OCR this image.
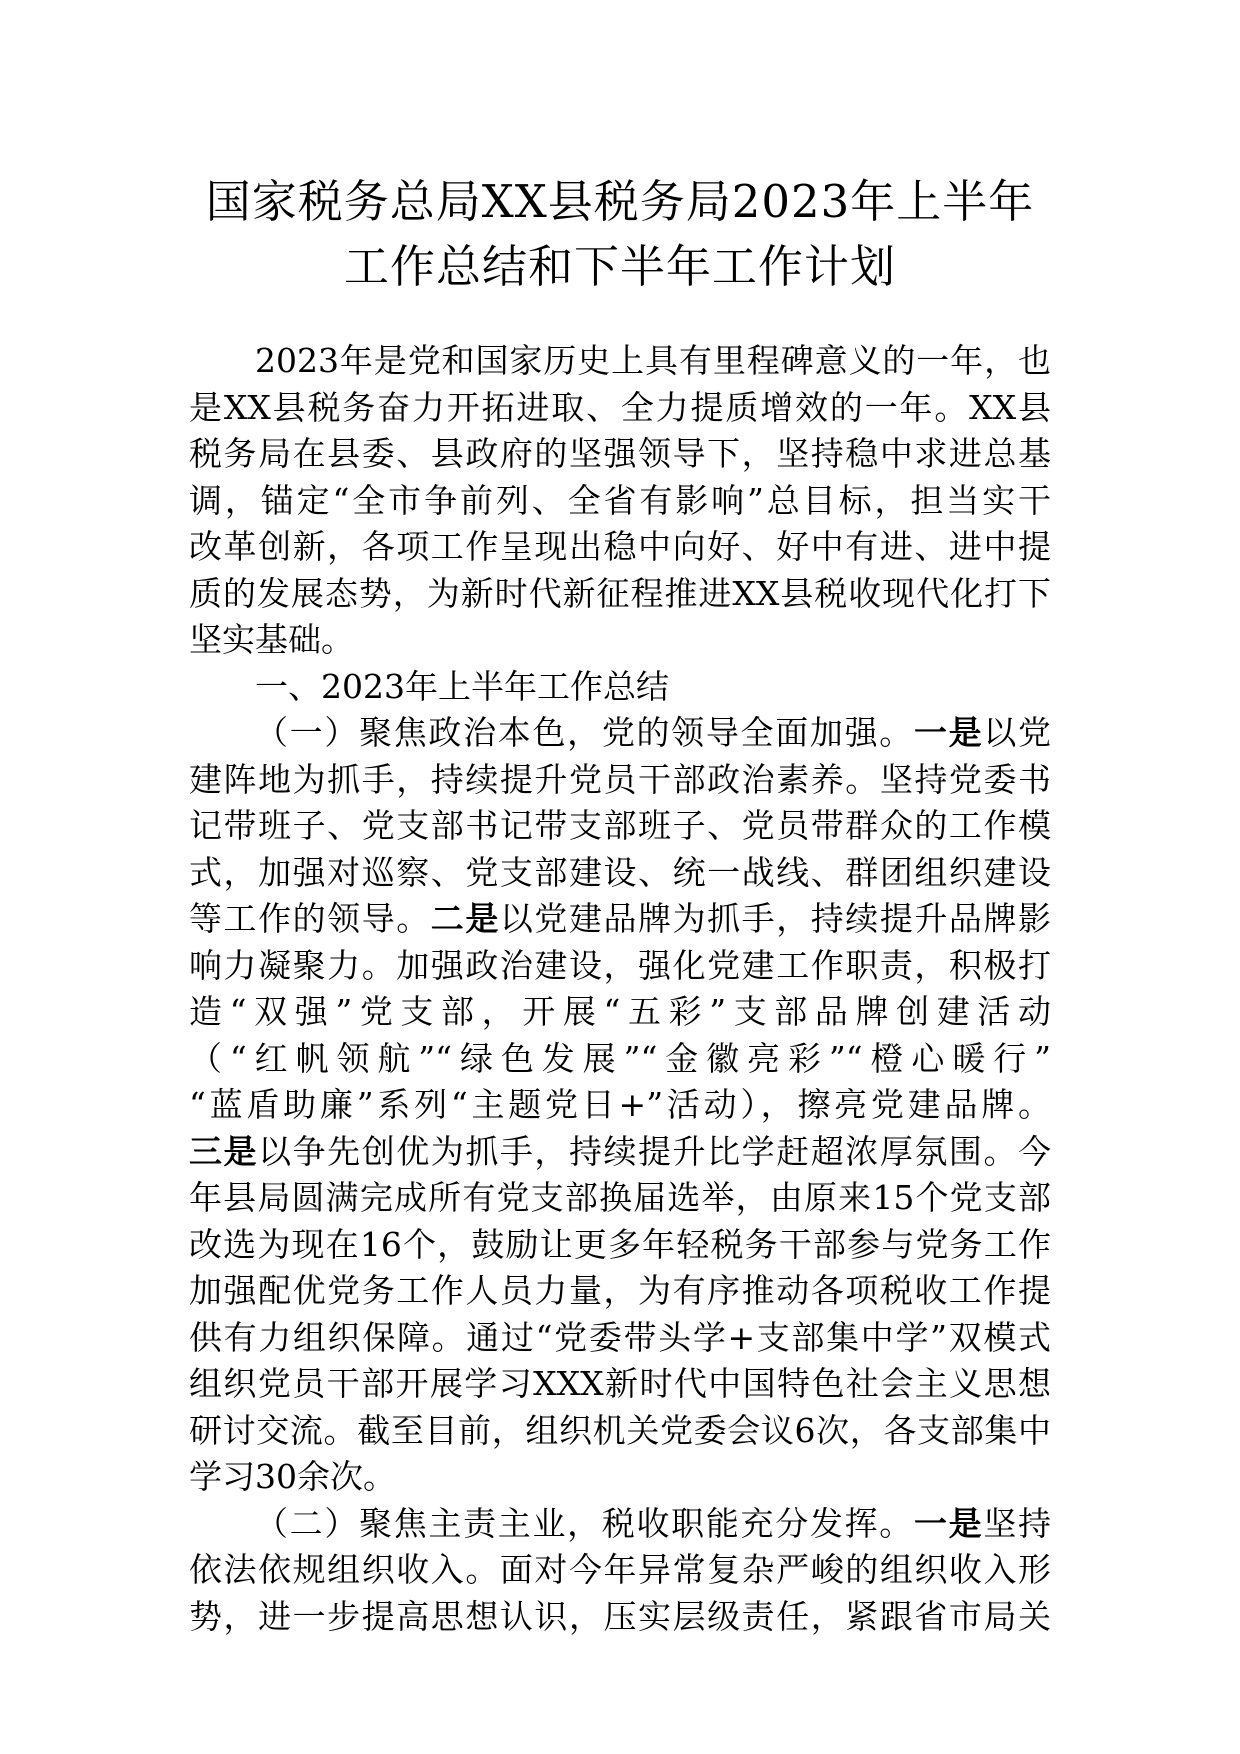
国家税务总局XX县税务局2023年上半年
工作总结和下半年工作计划
2023年是党和国家历史上具有里程碑意义的一年，也
是XX县税务奋力开拓进取、全力提质增效的一年。XX县
税务局在县委、县政府的坚强领导下，坚持稳中求进总基
调，锚定“全市争前列、全省有影响”总目标，担当实干
改革创新，各项工作呈现出稳中向好、好中有进、进中提
质的发展态势，为新时代新征程推进XX县税收现代化打下
坚实基础。
一、2023年上半年工作总结
（一）聚焦政治本色，党的领导全面加强。一是以党
建阵地为抓手，持续提升党员干部政治素养。坚持党委书
记带班子、党支部书记带支部班子、党员带群众的工作模
式，加强对巡察、党支部建设、统一战线、群团组织建设
等工作的领导。二是以党建品牌为抓手，持续提升品牌影
响力凝聚力。加强政治建设，强化党建工作职责，积极打
造“双强”党支部，开展“五彩”支部品牌创建活动
（“红帆领航”“绿色发展”“金徽亮彩”“橙心暖行”
“蓝盾助廉”系列“主题党日+”活动），擦亮党建品牌。
三是以争先创优为抓手，持续提升比学赶超浓厚氛围。今
年县局圆满完成所有党支部换届选举，由原来15个党支部
改选为现在16个，鼓励让更多年轻税务干部参与党务工作
加强配优党务工作人员力量，为有序推动各项税收工作提
供有力组织保障。通过“党委带头学+支部集中学”双模式
组织党员干部开展学习XXX新时代中国特色社会主义思想
研讨交流。截至目前，组织机关党委会议6次，各支部集中
学习30余次。
（二）聚焦主责主业，税收职能充分发挥。一是坚持
依法依规组织收入。面对今年异常复杂严峻的组织收入形
势，进一步提高思想认识，压实层级责任，紧跟省市局关
